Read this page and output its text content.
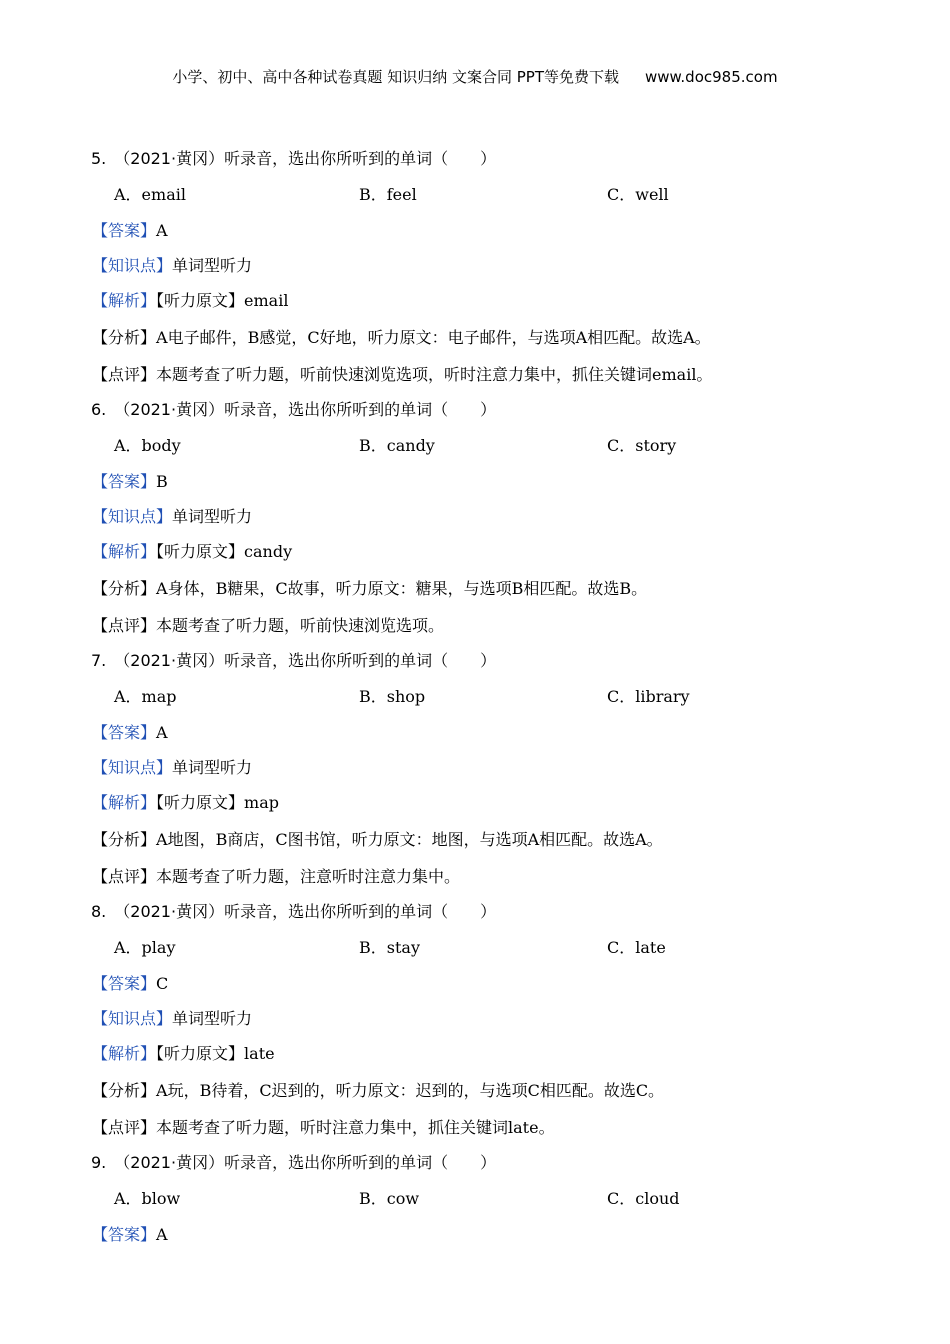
小学、初中、高中各种试卷真题 知识归纳 文案合同 PPT等免费下载 www.doc985.com
5. （2021·黄冈）听录音，选出你所听到的单词（　　）
A．email	B．feel	C．well
【答案】A
【知识点】单词型听力
【解析】【听力原文】email
【分析】A电子邮件，B感觉，C好地，听力原文：电子邮件，与选项A相匹配。故选A。
【点评】本题考查了听力题，听前快速浏览选项，听时注意力集中，抓住关键词email。
6. （2021·黄冈）听录音，选出你所听到的单词（　　）
A．body	B．candy	C．story
【答案】B
【知识点】单词型听力
【解析】【听力原文】candy
【分析】A身体，B糖果，C故事，听力原文：糖果，与选项B相匹配。故选B。
【点评】本题考查了听力题，听前快速浏览选项。
7. （2021·黄冈）听录音，选出你所听到的单词（　　）
A．map	B．shop	C．library
【答案】A
【知识点】单词型听力
【解析】【听力原文】map
【分析】A地图，B商店，C图书馆，听力原文：地图，与选项A相匹配。故选A。
【点评】本题考查了听力题，注意听时注意力集中。
8. （2021·黄冈）听录音，选出你所听到的单词（　　）
A．play	B．stay	C．late
【答案】C
【知识点】单词型听力
【解析】【听力原文】late
【分析】A玩，B待着，C迟到的，听力原文：迟到的，与选项C相匹配。故选C。
【点评】本题考查了听力题，听时注意力集中，抓住关键词late。
9. （2021·黄冈）听录音，选出你所听到的单词（　　）
A．blow	B．cow	C．cloud
【答案】A
